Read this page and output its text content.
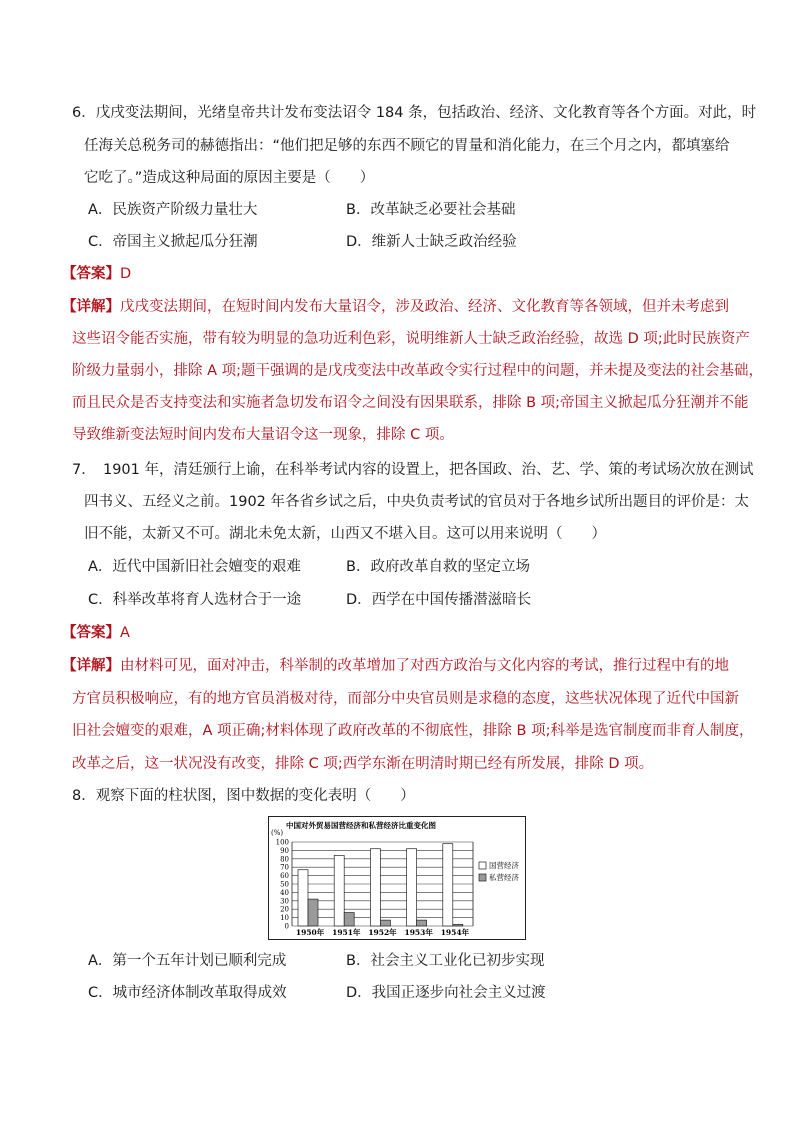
6．戊戌变法期间，光绪皇帝共计发布变法诏令 184 条，包括政治、经济、文化教育等各个方面。对此，时
任海关总税务司的赫德指出：“他们把足够的东西不顾它的胃量和消化能力，在三个月之内，都填塞给
它吃了。”造成这种局面的原因主要是（　　）
A．民族资产阶级力量壮大	B．改革缺乏必要社会基础
C．帝国主义掀起瓜分狂潮	D．维新人士缺乏政治经验
【答案】D
【详解】戊戌变法期间，在短时间内发布大量诏令，涉及政治、经济、文化教育等各领域，但并未考虑到
这些诏令能否实施，带有较为明显的急功近利色彩，说明维新人士缺乏政治经验，故选 D 项;此时民族资产
阶级力量弱小，排除 A 项;题干强调的是戊戌变法中改革政令实行过程中的问题，并未提及变法的社会基础，
而且民众是否支持变法和实施者急切发布诏令之间没有因果联系，排除 B 项;帝国主义掀起瓜分狂潮并不能
导致维新变法短时间内发布大量诏令这一现象，排除 C 项。
7．　1901 年，清廷颁行上谕，在科举考试内容的设置上，把各国政、治、艺、学、策的考试场次放在测试
四书义、五经义之前。1902 年各省乡试之后，中央负责考试的官员对于各地乡试所出题目的评价是：太
旧不能，太新又不可。湖北未免太新，山西又不堪入目。这可以用来说明（　　）
A．近代中国新旧社会嬗变的艰难	B．政府改革自救的坚定立场
C．科举改革将育人选材合于一途	D．西学在中国传播潜滋暗长
【答案】A
【详解】由材料可见，面对冲击，科举制的改革增加了对西方政治与文化内容的考试，推行过程中有的地
方官员积极响应，有的地方官员消极对待，而部分中央官员则是求稳的态度，这些状况体现了近代中国新
旧社会嬗变的艰难，A 项正确;材料体现了政府改革的不彻底性，排除 B 项;科举是选官制度而非育人制度，
改革之后，这一状况没有改变，排除 C 项;西学东渐在明清时期已经有所发展，排除 D 项。
8．观察下面的柱状图，图中数据的变化表明（　　）
中国对外贸易国营经济和私营经济比重变化图
(%)
100
90
80
70
60
50
40
30
20
10
0
1950年 1951年 1952年 1953年 1954年
国营经济
私营经济
A．第一个五年计划已顺利完成	B．社会主义工业化已初步实现
C．城市经济体制改革取得成效	D．我国正逐步向社会主义过渡
